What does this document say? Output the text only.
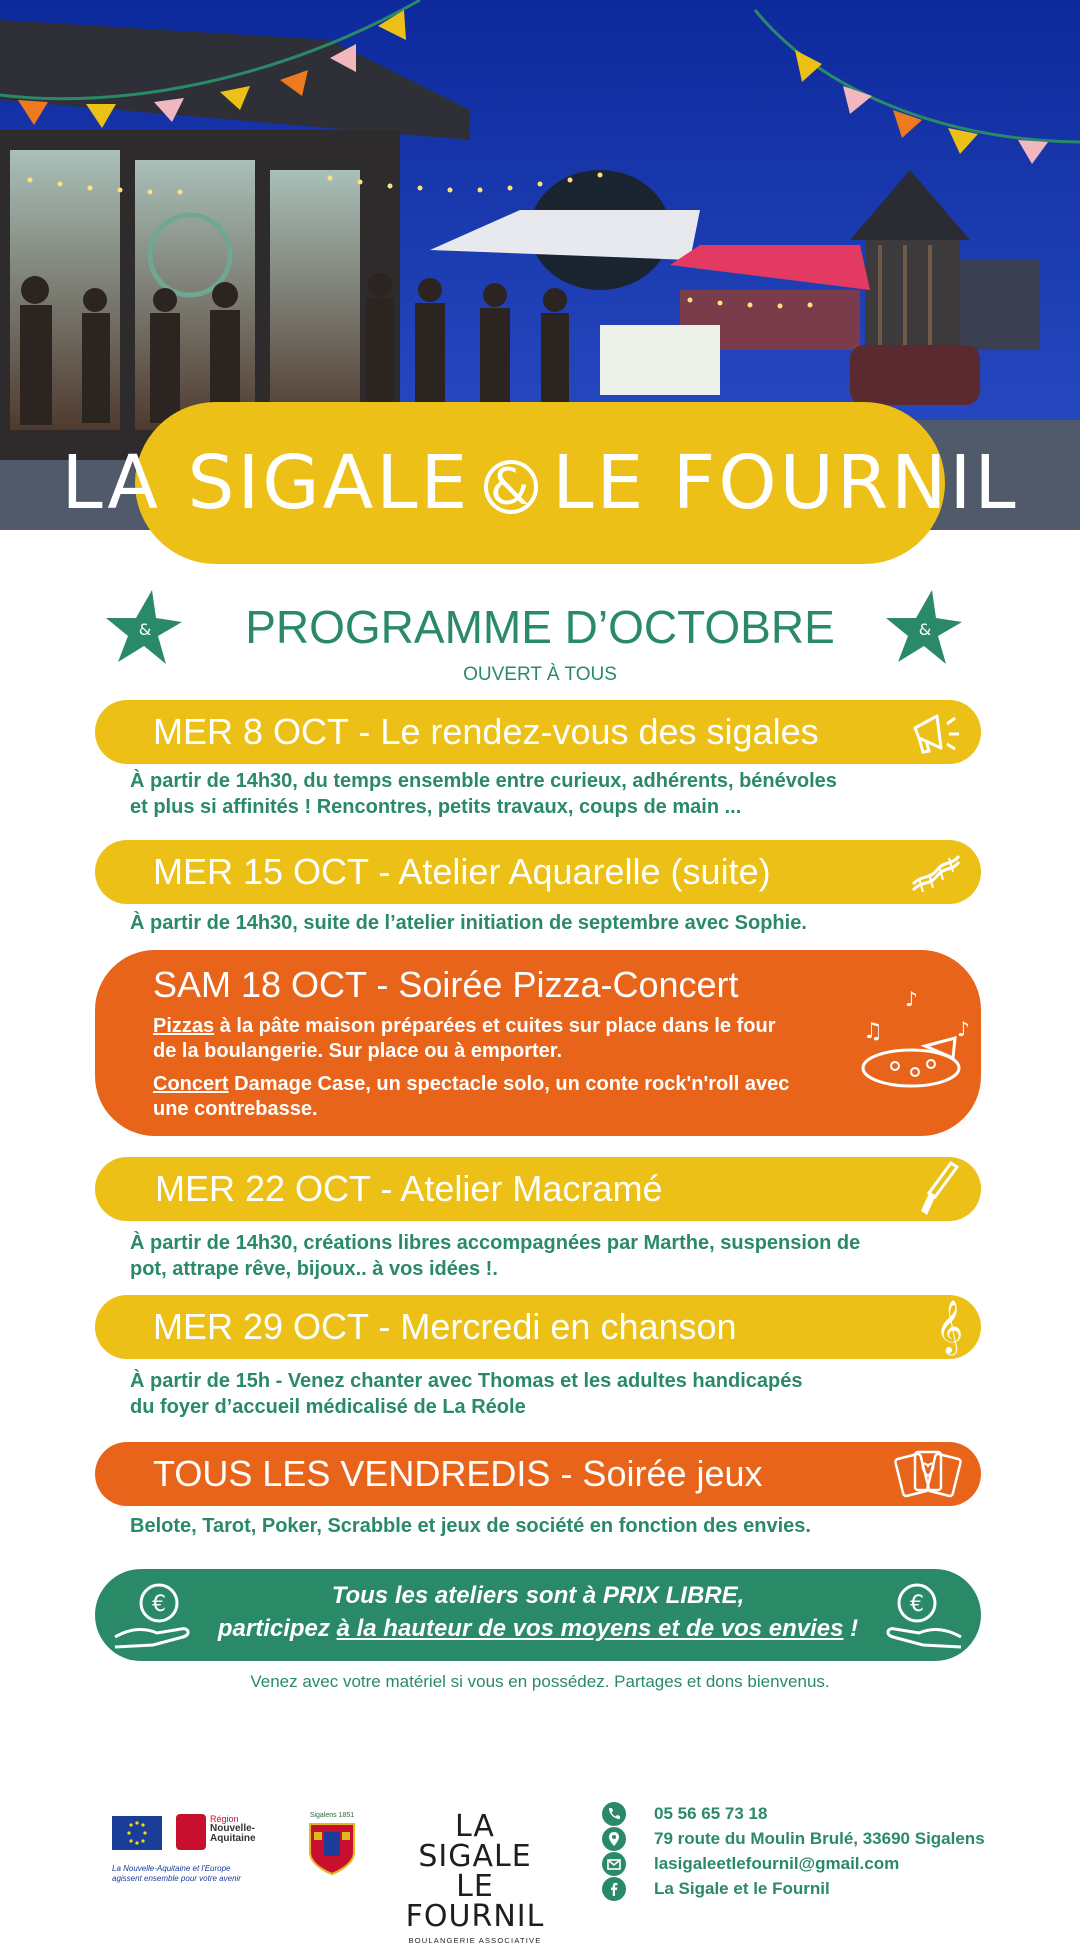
LA SIGALE & LE FOURNIL
&	&
PROGRAMME D’OCTOBRE
OUVERT À TOUS
MER 8 OCT - Le rendez-vous des sigales
À partir de 14h30, du temps ensemble entre curieux, adhérents, bénévoles
et plus si affinités ! Rencontres, petits travaux, coups de main ...
MER 15 OCT - Atelier Aquarelle (suite)
À partir de 14h30, suite de l’atelier initiation de septembre avec Sophie.
SAM 18 OCT - Soirée Pizza-Concert
Pizzas à la pâte maison préparées et cuites sur place dans le four
de la boulangerie. Sur place ou à emporter.
Concert Damage Case, un spectacle solo, un conte rock'n'roll avec
une contrebasse.
♫
♪
♪
MER 22 OCT - Atelier Macramé
À partir de 14h30, créations libres accompagnées par Marthe, suspension de
pot, attrape rêve, bijoux.. à vos idées !.
MER 29 OCT - Mercredi en chanson	𝄞
À partir de 15h - Venez chanter avec Thomas et les adultes handicapés
du foyer d’accueil médicalisé de La Réole
TOUS LES VENDREDIS - Soirée jeux
Belote, Tarot, Poker, Scrabble et jeux de société en fonction des envies.
€	€
Tous les ateliers sont à PRIX LIBRE,
participez à la hauteur de vos moyens et de vos envies !
Venez avec votre matériel si vous en possédez. Partages et dons bienvenus.
Région
Nouvelle-
Aquitaine
La Nouvelle-Aquitaine et l'Europe
agissent ensemble pour votre avenir
Sigalens 1851	LA SIGALE
LE FOURNIL
BOULANGERIE ASSOCIATIVE
05 56 65 73 18
79 route du Moulin Brulé, 33690 Sigalens
lasigaleetlefournil@gmail.com
La Sigale et le Fournil
